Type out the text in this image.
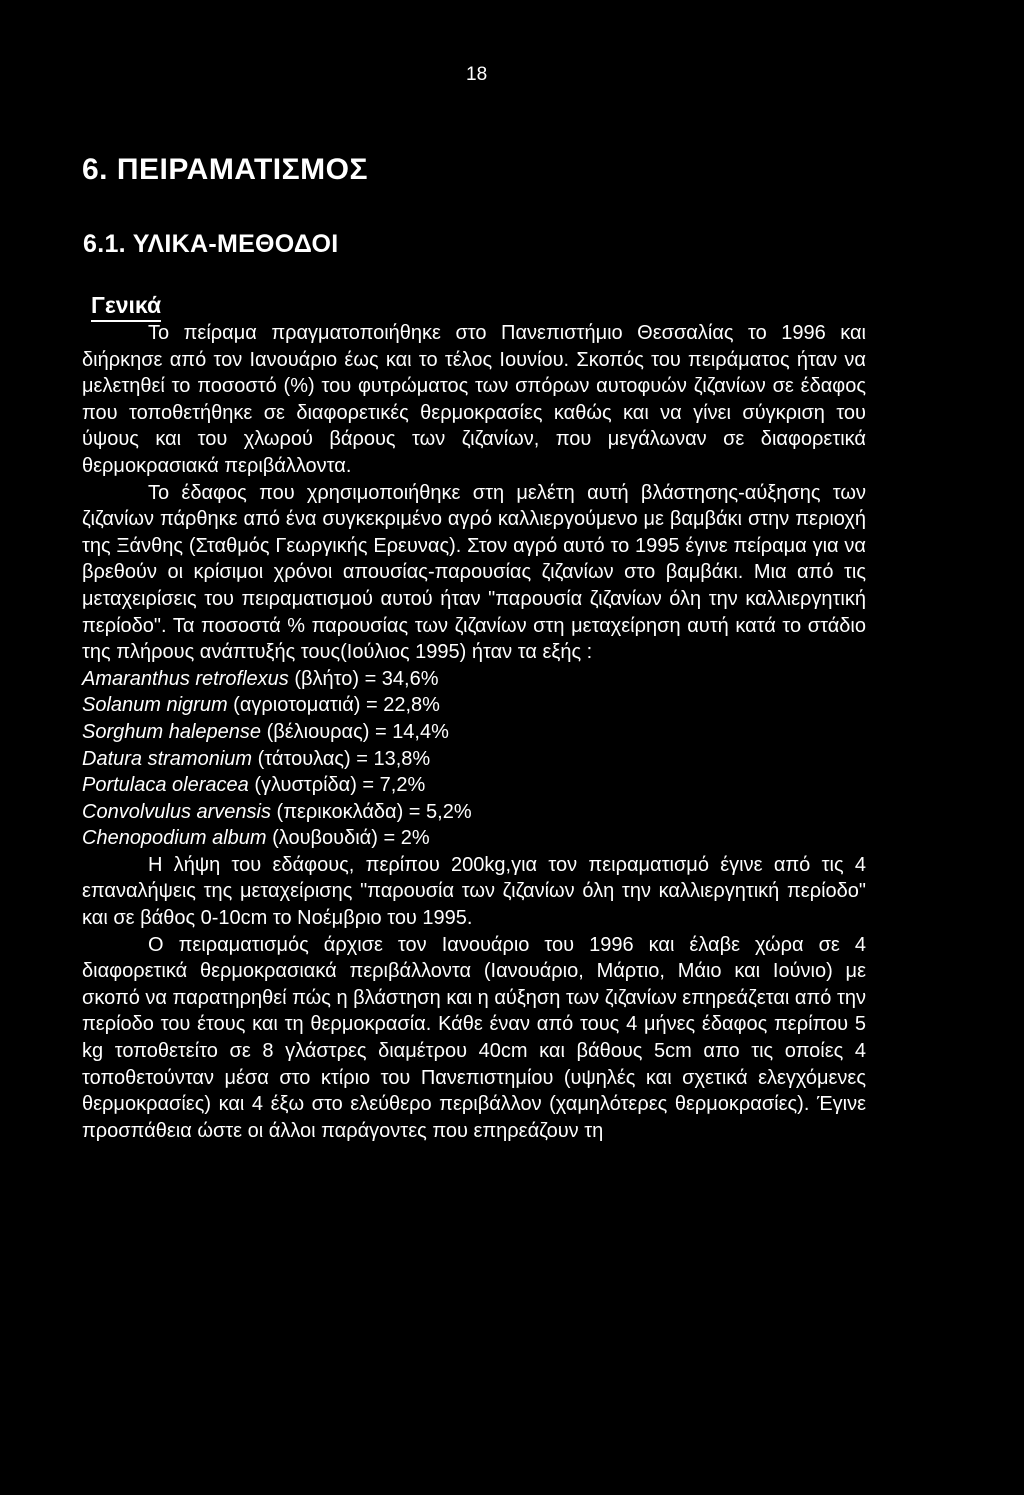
18
6. ΠΕΙΡΑΜΑΤΙΣΜΟΣ
6.1. ΥΛΙΚΑ-ΜΕΘΟΔΟΙ
Γενικά

Το πείραμα πραγματοποιήθηκε στο Πανεπιστήμιο Θεσσαλίας το 1996 και διήρκησε από τον Ιανουάριο έως και το τέλος Ιουνίου. Σκοπός του πειράματος ήταν να μελετηθεί το ποσοστό (%) του φυτρώματος των σπόρων αυτοφυών ζιζανίων σε έδαφος που τοποθετήθηκε σε διαφορετικές θερμοκρασίες καθώς και να γίνει σύγκριση του ύψους και του χλωρού βάρους των ζιζανίων, που μεγάλωναν σε διαφορετικά θερμοκρασιακά περιβάλλοντα.

Το έδαφος που χρησιμοποιήθηκε στη μελέτη αυτή βλάστησης-αύξησης των ζιζανίων πάρθηκε από ένα συγκεκριμένο αγρό καλλιεργούμενο με βαμβάκι στην περιοχή της Ξάνθης (Σταθμός Γεωργικής Ερευνας). Στον αγρό αυτό το 1995 έγινε πείραμα για να βρεθούν οι κρίσιμοι χρόνοι απουσίας-παρουσίας ζιζανίων στο βαμβάκι. Μια από τις μεταχειρίσεις του πειραματισμού αυτού ήταν "παρουσία ζιζανίων όλη την καλλιεργητική περίοδο". Τα ποσοστά % παρουσίας των ζιζανίων στη μεταχείρηση αυτή κατά το στάδιο της πλήρους ανάπτυξής τους(Ιούλιος 1995) ήταν τα εξής :

Amaranthus retroflexus (βλήτο) = 34,6%
Solanum nigrum (αγριοτοματιά) = 22,8%
Sorghum halepense (βέλιουρας) = 14,4%
Datura stramonium (τάτουλας) = 13,8%
Portulaca oleracea (γλυστρίδα) = 7,2%
Convolvulus arvensis (περικοκλάδα) = 5,2%
Chenopodium album (λουβουδιά) = 2%

Η λήψη του εδάφους, περίπου 200kg,για τον πειραματισμό έγινε από τις 4 επαναλήψεις της μεταχείρισης "παρουσία των ζιζανίων όλη την καλλιεργητική περίοδο" και σε βάθος 0-10cm το Νοέμβριο του 1995.

Ο πειραματισμός άρχισε τον Ιανουάριο του 1996 και έλαβε χώρα σε 4 διαφορετικά θερμοκρασιακά περιβάλλοντα (Ιανουάριο, Μάρτιο, Μάιο και Ιούνιο) με σκοπό να παρατηρηθεί πώς η βλάστηση και η αύξηση των ζιζανίων επηρεάζεται από την περίοδο του έτους και τη θερμοκρασία. Κάθε έναν από τους 4 μήνες έδαφος περίπου 5 kg τοποθετείτο σε 8 γλάστρες διαμέτρου 40cm και βάθους 5cm απο τις οποίες 4 τοποθετούνταν μέσα στο κτίριο του Πανεπιστημίου (υψηλές και σχετικά ελεγχόμενες θερμοκρασίες) και 4 έξω στο ελεύθερο περιβάλλον (χαμηλότερες θερμοκρασίες). Έγινε προσπάθεια ώστε οι άλλοι παράγοντες που επηρεάζουν τη
